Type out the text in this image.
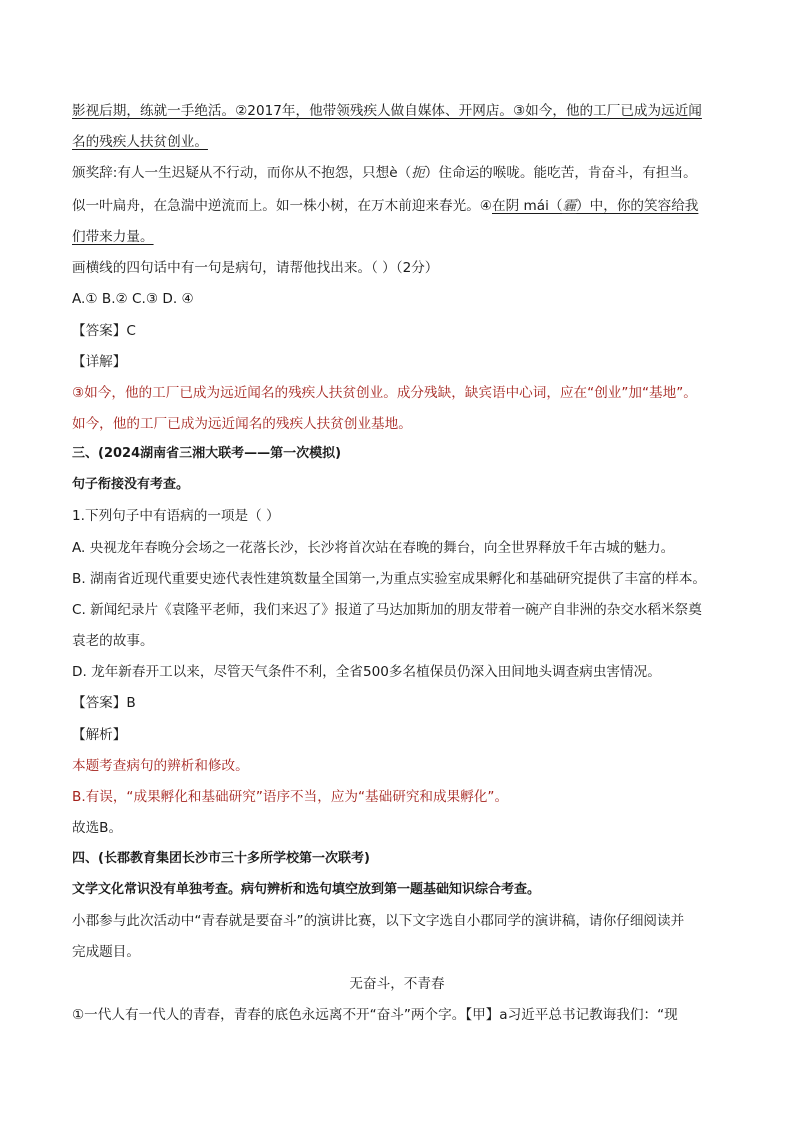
影视后期，练就一手绝活。②2017年，他带领残疾人做自媒体、开网店。③如今，他的工厂已成为远近闻
名的残疾人扶贫创业。
颁奖辞:有人一生迟疑从不行动，而你从不抱怨，只想è（扼）住命运的喉咙。能吃苦，肯奋斗，有担当。
似一叶扁舟，在急湍中逆流而上。如一株小树，在万木前迎来春光。④在阴 mái（霾）中，你的笑容给我
们带来力量。
画横线的四句话中有一句是病句，请帮他找出来。（ ）（2分）
A.① B.② C.③ D. ④
【答案】C
【详解】
③如今，他的工厂已成为远近闻名的残疾人扶贫创业。成分残缺，缺宾语中心词，应在“创业”加“基地”。
如今，他的工厂已成为远近闻名的残疾人扶贫创业基地。
三、(2024湖南省三湘大联考——第一次模拟)
句子衔接没有考查。
1.下列句子中有语病的一项是（ ）
A. 央视龙年春晚分会场之一花落长沙，长沙将首次站在春晚的舞台，向全世界释放千年古城的魅力。
B. 湖南省近现代重要史迹代表性建筑数量全国第一,为重点实验室成果孵化和基础研究提供了丰富的样本。
C. 新闻纪录片《袁隆平老师，我们来迟了》报道了马达加斯加的朋友带着一碗产自非洲的杂交水稻米祭奠
袁老的故事。
D. 龙年新春开工以来，尽管天气条件不利，全省500多名植保员仍深入田间地头调查病虫害情况。
【答案】B
【解析】
本题考查病句的辨析和修改。
B.有误，“成果孵化和基础研究”语序不当，应为“基础研究和成果孵化”。
故选B。
四、(长郡教育集团长沙市三十多所学校第一次联考)
文学文化常识没有单独考查。病句辨析和选句填空放到第一题基础知识综合考查。
小郡参与此次活动中“青春就是要奋斗”的演讲比赛，以下文字选自小郡同学的演讲稿，请你仔细阅读并
完成题目。
无奋斗，不青春
①一代人有一代人的青春，青春的底色永远离不开“奋斗”两个字。【甲】a习近平总书记教诲我们：“现
